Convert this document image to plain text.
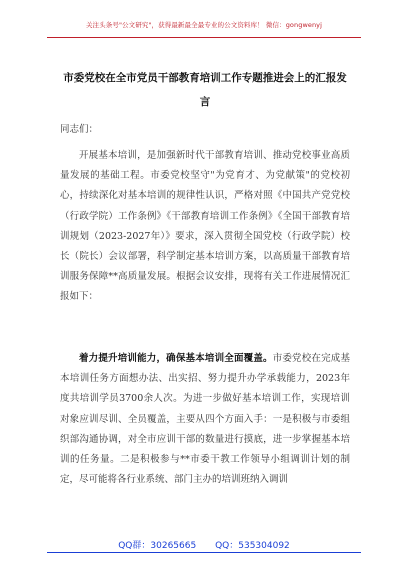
关注头条号"公文研究"，获得最新最全最专业的公文资料库！ 微信：gongwenyj
市委党校在全市党员干部教育培训工作专题推进会上的汇报发言
同志们：

开展基本培训，是加强新时代干部教育培训、推动党校事业高质量发展的基础工程。市委党校坚守"为党育才、为党献策"的党校初心，持续深化对基本培训的规律性认识，严格对照《中国共产党党校（行政学院）工作条例》《干部教育培训工作条例》《全国干部教育培训规划（2023-2027年）》要求，深入贯彻全国党校（行政学院）校长（院长）会议部署，科学制定基本培训方案，以高质量干部教育培训服务保障**高质量发展。根据会议安排，现将有关工作进展情况汇报如下：

着力提升培训能力，确保基本培训全面覆盖。市委党校在完成基本培训任务方面想办法、出实招、努力提升办学承载能力，2023年度共培训学员3700余人次。为进一步做好基本培训工作，实现培训对象应训尽训、全员覆盖，主要从四个方面入手：一是积极与市委组织部沟通协调，对全市应训干部的数量进行摸底，进一步掌握基本培训的任务量。二是积极参与**市委干教工作领导小组调训计划的制定，尽可能将各行业系统、部门主办的培训班纳入调训

QQ群：30265665 QQ：535304092
